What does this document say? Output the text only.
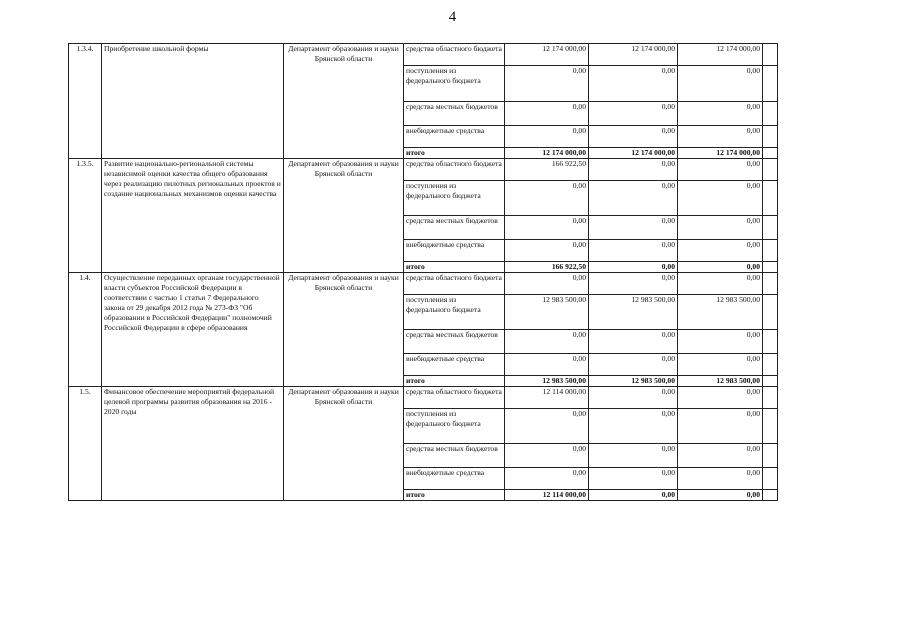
4
1.3.4.	Приобретение школьной формы	Департамент образования и науки Брянской области	средства областного бюджета	12 174 000,00	12 174 000,00	12 174 000,00	
			поступления из федерального бюджета	0,00	0,00	0,00	
			средства местных бюджетов	0,00	0,00	0,00	
			внебюджетные средства	0,00	0,00	0,00	
			итого	12 174 000,00	12 174 000,00	12 174 000,00	
1.3.5.	Развитие национально-региональной системы независимой оценки качества общего образования через реализацию пилотных региональных проектов и создание национальных механизмов оценки качества	Департамент образования и науки Брянской области	средства областного бюджета	166 922,50	0,00	0,00	
			поступления из федерального бюджета	0,00	0,00	0,00	
			средства местных бюджетов	0,00	0,00	0,00	
			внебюджетные средства	0,00	0,00	0,00	
			итого	166 922,50	0,00	0,00	
1.4.	Осуществление переданных органам государственной власти субъектов Российской Федерации в соответствии с частью 1 статьи 7 Федерального закона от 29 декабря 2012 года № 273-ФЗ "Об образовании в Российской Федерации" полномочий Российской Федерации в сфере образования	Департамент образования и науки Брянской области	средства областного бюджета	0,00	0,00	0,00	
			поступления из федерального бюджета	12 983 500,00	12 983 500,00	12 983 500,00	
			средства местных бюджетов	0,00	0,00	0,00	
			внебюджетные средства	0,00	0,00	0,00	
			итого	12 983 500,00	12 983 500,00	12 983 500,00	
1.5.	Финансовое обеспечение мероприятий федеральной целевой программы развития образования на 2016 - 2020 годы	Департамент образования и науки Брянской области	средства областного бюджета	12 114 000,00	0,00	0,00	
			поступления из федерального бюджета	0,00	0,00	0,00	
			средства местных бюджетов	0,00	0,00	0,00	
			внебюджетные средства	0,00	0,00	0,00	
			итого	12 114 000,00	0,00	0,00	
